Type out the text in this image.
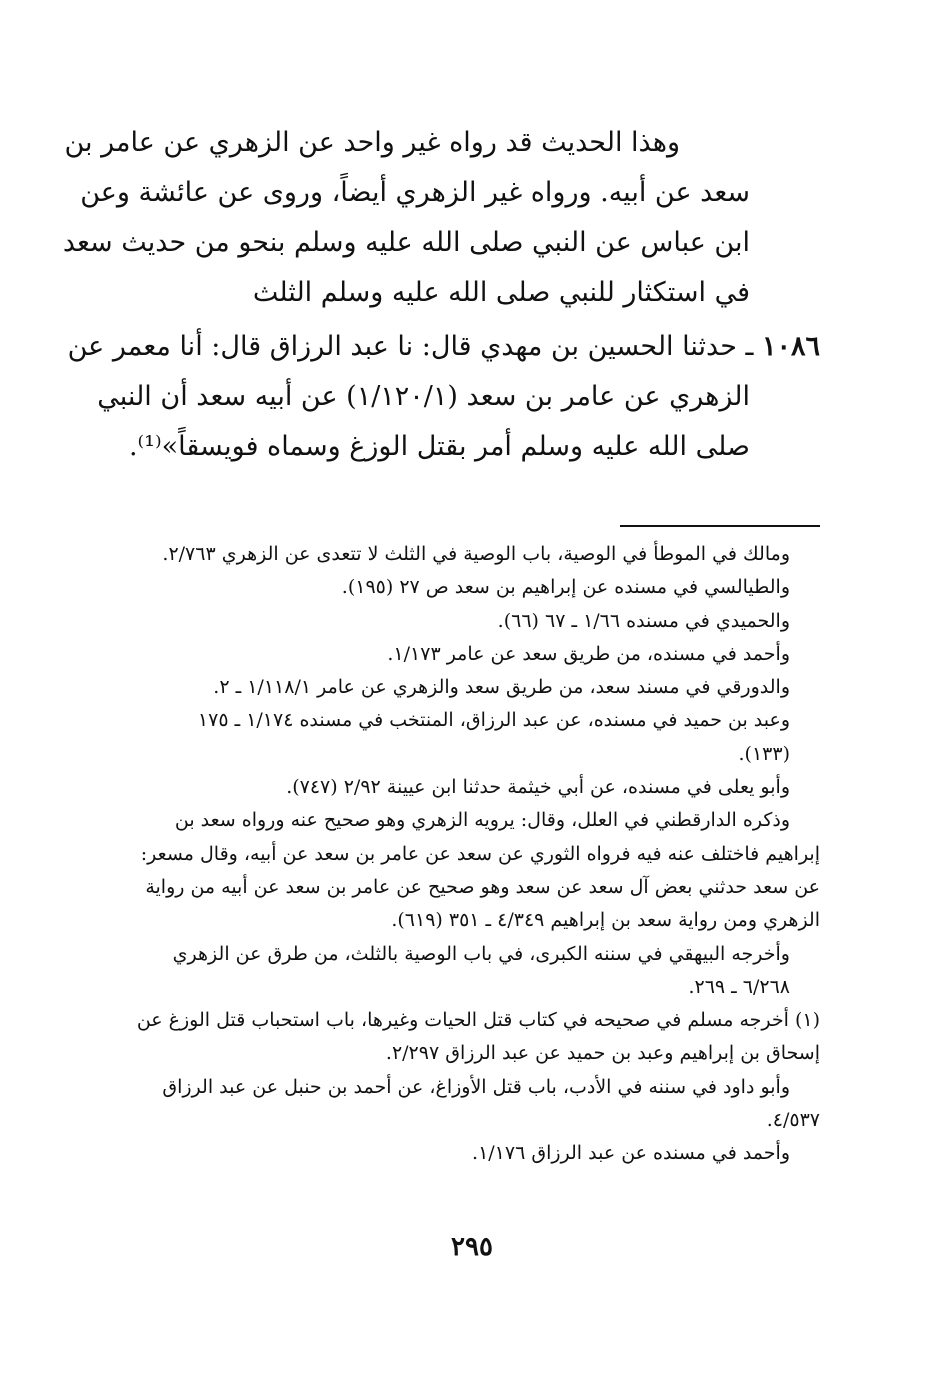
وهذا الحديث قد رواه غير واحد عن الزهري عن عامر بن
سعد عن أبيه. ورواه غير الزهري أيضاً، وروى عن عائشة وعن
ابن عباس عن النبي صلى الله عليه وسلم بنحو من حديث سعد
في استكثار للنبي صلى الله عليه وسلم الثلث
١٠٨٦ ـ حدثنا الحسين بن مهدي قال: نا عبد الرزاق قال: أنا معمر عن
الزهري عن عامر بن سعد (١/١٢٠/١) عن أبيه سعد أن النبي
صلى الله عليه وسلم أمر بقتل الوزغ وسماه فويسقاً»⁽¹⁾.
ومالك في الموطأ في الوصية، باب الوصية في الثلث لا تتعدى عن الزهري ٢/٧٦٣.
والطيالسي في مسنده عن إبراهيم بن سعد ص ٢٧ (١٩٥).
والحميدي في مسنده ١/٦٦ ـ ٦٧ (٦٦).
وأحمد في مسنده، من طريق سعد عن عامر ١/١٧٣.
والدورقي في مسند سعد، من طريق سعد والزهري عن عامر ١/١١٨/١ ـ ٢.
وعبد بن حميد في مسنده، عن عبد الرزاق، المنتخب في مسنده ١/١٧٤ ـ ١٧٥
(١٣٣).
وأبو يعلى في مسنده، عن أبي خيثمة حدثنا ابن عيينة ٢/٩٢ (٧٤٧).
وذكره الدارقطني في العلل، وقال: يرويه الزهري وهو صحيح عنه ورواه سعد بن
إبراهيم فاختلف عنه فيه فرواه الثوري عن سعد عن عامر بن سعد عن أبيه، وقال مسعر:
عن سعد حدثني بعض آل سعد عن سعد وهو صحيح عن عامر بن سعد عن أبيه من رواية
الزهري ومن رواية سعد بن إبراهيم ٤/٣٤٩ ـ ٣٥١ (٦١٩).
وأخرجه البيهقي في سننه الكبرى، في باب الوصية بالثلث، من طرق عن الزهري
٦/٢٦٨ ـ ٢٦٩.
(١) أخرجه مسلم في صحيحه في كتاب قتل الحيات وغيرها، باب استحباب قتل الوزغ عن
إسحاق بن إبراهيم وعبد بن حميد عن عبد الرزاق ٢/٢٩٧.
وأبو داود في سننه في الأدب، باب قتل الأوزاغ، عن أحمد بن حنبل عن عبد الرزاق
٤/٥٣٧.
وأحمد في مسنده عن عبد الرزاق ١/١٧٦.
٢٩٥
